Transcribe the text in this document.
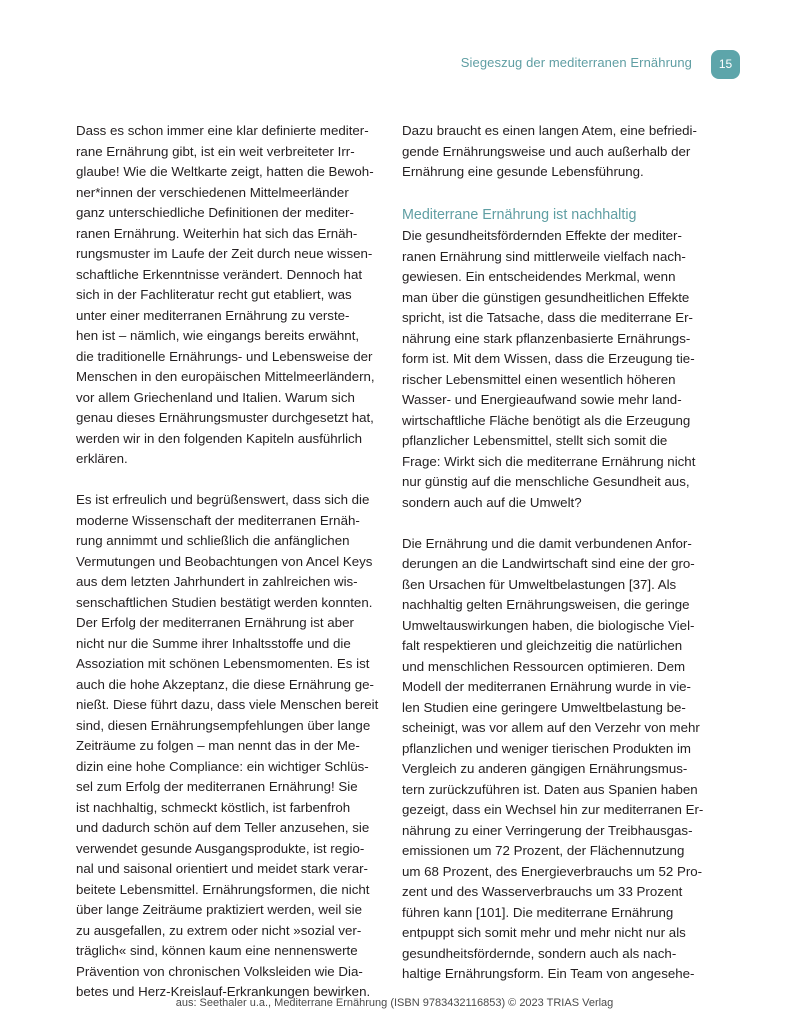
Siegeszug der mediterranen Ernährung	15
Dass es schon immer eine klar definierte mediter-
rane Ernährung gibt, ist ein weit verbreiteter Irr-
glaube! Wie die Weltkarte zeigt, hatten die Bewoh-
ner*innen der verschiedenen Mittelmeerländer
ganz unterschiedliche Definitionen der mediter-
ranen Ernährung. Weiterhin hat sich das Ernäh-
rungsmuster im Laufe der Zeit durch neue wissen-
schaftliche Erkenntnisse verändert. Dennoch hat
sich in der Fachliteratur recht gut etabliert, was
unter einer mediterranen Ernährung zu verste-
hen ist – nämlich, wie eingangs bereits erwähnt,
die traditionelle Ernährungs- und Lebensweise der
Menschen in den europäischen Mittelmeerländern,
vor allem Griechenland und Italien. Warum sich
genau dieses Ernährungsmuster durchgesetzt hat,
werden wir in den folgenden Kapiteln ausführlich
erklären.
Es ist erfreulich und begrüßenswert, dass sich die
moderne Wissenschaft der mediterranen Ernäh-
rung annimmt und schließlich die anfänglichen
Vermutungen und Beobachtungen von Ancel Keys
aus dem letzten Jahrhundert in zahlreichen wis-
senschaftlichen Studien bestätigt werden konnten.
Der Erfolg der mediterranen Ernährung ist aber
nicht nur die Summe ihrer Inhaltsstoffe und die
Assoziation mit schönen Lebensmomenten. Es ist
auch die hohe Akzeptanz, die diese Ernährung ge-
nießt. Diese führt dazu, dass viele Menschen bereit
sind, diesen Ernährungsempfehlungen über lange
Zeiträume zu folgen – man nennt das in der Me-
dizin eine hohe Compliance: ein wichtiger Schlüs-
sel zum Erfolg der mediterranen Ernährung! Sie
ist nachhaltig, schmeckt köstlich, ist farbenfroh
und dadurch schön auf dem Teller anzusehen, sie
verwendet gesunde Ausgangsprodukte, ist regio-
nal und saisonal orientiert und meidet stark verar-
beitete Lebensmittel. Ernährungsformen, die nicht
über lange Zeiträume praktiziert werden, weil sie
zu ausgefallen, zu extrem oder nicht »sozial ver-
träglich« sind, können kaum eine nennenswerte
Prävention von chronischen Volksleiden wie Dia-
betes und Herz-Kreislauf-Erkrankungen bewirken.
Dazu braucht es einen langen Atem, eine befriedi-
gende Ernährungsweise und auch außerhalb der
Ernährung eine gesunde Lebensführung.
Mediterrane Ernährung ist nachhaltig
Die gesundheitsfördernden Effekte der mediter-
ranen Ernährung sind mittlerweile vielfach nach-
gewiesen. Ein entscheidendes Merkmal, wenn
man über die günstigen gesundheitlichen Effekte
spricht, ist die Tatsache, dass die mediterrane Er-
nährung eine stark pflanzenbasierte Ernährungs-
form ist. Mit dem Wissen, dass die Erzeugung tie-
rischer Lebensmittel einen wesentlich höheren
Wasser- und Energieaufwand sowie mehr land-
wirtschaftliche Fläche benötigt als die Erzeugung
pflanzlicher Lebensmittel, stellt sich somit die
Frage: Wirkt sich die mediterrane Ernährung nicht
nur günstig auf die menschliche Gesundheit aus,
sondern auch auf die Umwelt?
Die Ernährung und die damit verbundenen Anfor-
derungen an die Landwirtschaft sind eine der gro-
ßen Ursachen für Umweltbelastungen [37]. Als
nachhaltig gelten Ernährungsweisen, die geringe
Umweltauswirkungen haben, die biologische Viel-
falt respektieren und gleichzeitig die natürlichen
und menschlichen Ressourcen optimieren. Dem
Modell der mediterranen Ernährung wurde in vie-
len Studien eine geringere Umweltbelastung be-
scheinigt, was vor allem auf den Verzehr von mehr
pflanzlichen und weniger tierischen Produkten im
Vergleich zu anderen gängigen Ernährungsmus-
tern zurückzuführen ist. Daten aus Spanien haben
gezeigt, dass ein Wechsel hin zur mediterranen Er-
nährung zu einer Verringerung der Treibhausgas-
emissionen um 72 Prozent, der Flächennutzung
um 68 Prozent, des Energieverbrauchs um 52 Pro-
zent und des Wasserverbrauchs um 33 Prozent
führen kann [101]. Die mediterrane Ernährung
entpuppt sich somit mehr und mehr nicht nur als
gesundheitsfördernde, sondern auch als nach-
haltige Ernährungsform. Ein Team von angesehe-
aus: Seethaler u.a., Mediterrane Ernährung (ISBN 9783432116853) © 2023 TRIAS Verlag
